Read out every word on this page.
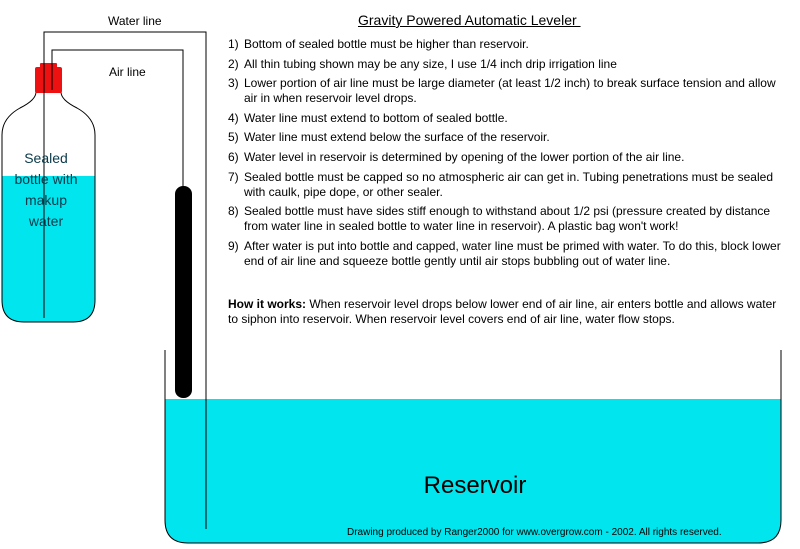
Water line
Air line
Sealed bottle with makup water
Reservoir
Gravity Powered Automatic Leveler
1) Bottom of sealed bottle must be higher than reservoir.
2) All thin tubing shown may be any size, I use 1/4 inch drip irrigation line
3) Lower portion of air line must be large diameter (at least 1/2 inch) to break surface tension and allow air in when reservoir level drops.
4) Water line must extend to bottom of sealed bottle.
5) Water line must extend below the surface of the reservoir.
6) Water level in reservoir is determined by opening of the lower portion of the air line.
7) Sealed bottle must be capped so no atmospheric air can get in. Tubing penetrations must be sealed with caulk, pipe dope, or other sealer.
8) Sealed bottle must have sides stiff enough to withstand about 1/2 psi (pressure created by distance from water line in sealed bottle to water line in reservoir). A plastic bag won't work!
9) After water is put into bottle and capped, water line must be primed with water. To do this, block lower end of air line and squeeze bottle gently until air stops bubbling out of water line.
How it works: When reservoir level drops below lower end of air line, air enters bottle and allows water to siphon into reservoir. When reservoir level covers end of air line, water flow stops.
Drawing produced by Ranger2000 for www.overgrow.com - 2002. All rights reserved.
